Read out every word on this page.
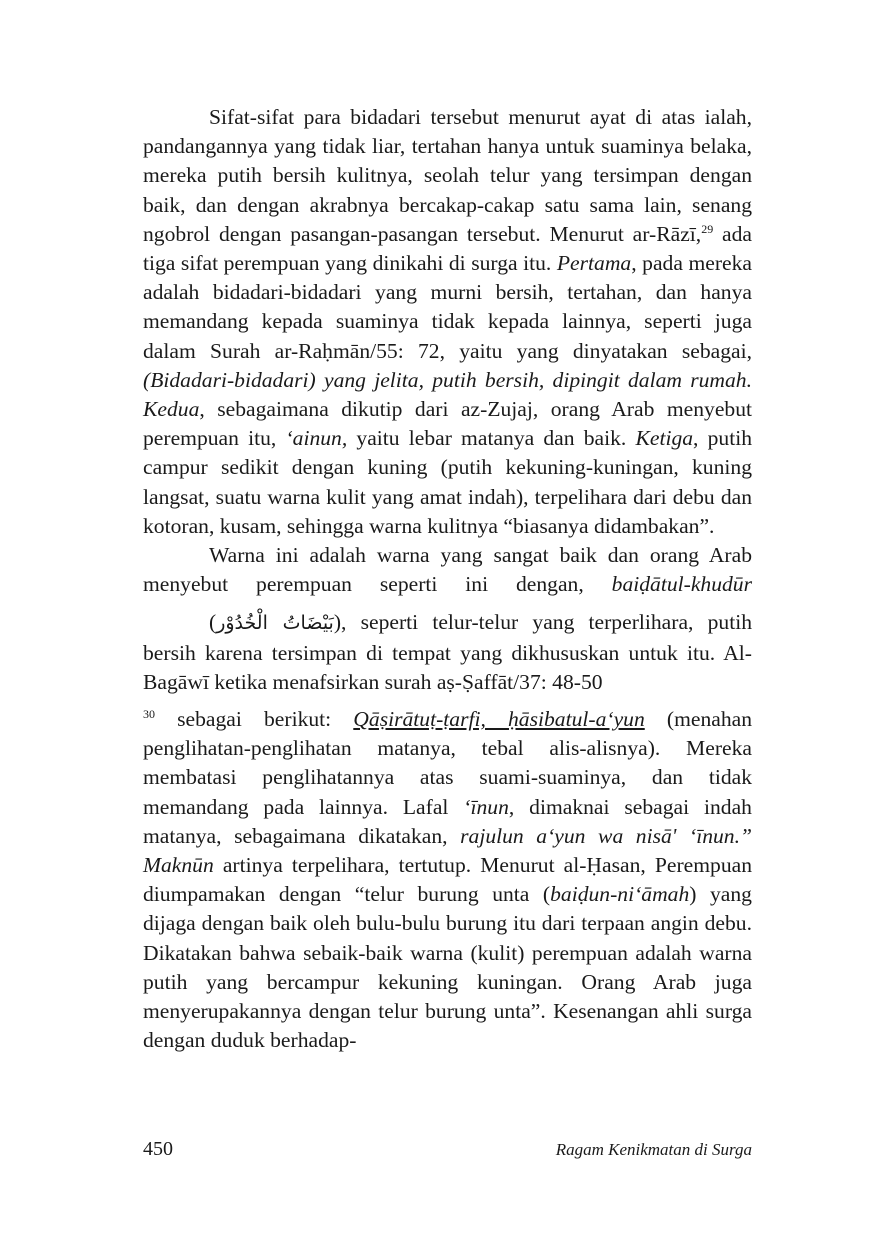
Sifat-sifat para bidadari tersebut menurut ayat di atas ialah, pandangannya yang tidak liar, tertahan hanya untuk suaminya belaka, mereka putih bersih kulitnya, seolah telur yang tersimpan dengan baik, dan dengan akrabnya bercakap-cakap satu sama lain, senang ngobrol dengan pasangan-pasangan tersebut. Menurut ar-Rāzī,$^{29}$ ada tiga sifat perempuan yang dinikahi di surga itu. Pertama, pada mereka adalah bidadari-bidadari yang murni bersih, tertahan, dan hanya memandang kepada suaminya tidak kepada lainnya, seperti juga dalam Surah ar-Raḥmān/55: 72, yaitu yang dinyatakan sebagai, (Bidadari-bidadari) yang jelita, putih bersih, dipingit dalam rumah. Kedua, sebagaimana dikutip dari az-Zujaj, orang Arab menyebut perempuan itu, ‘ainun, yaitu lebar matanya dan baik. Ketiga, putih campur sedikit dengan kuning (putih kekuning-kuningan, kuning langsat, suatu warna kulit yang amat indah), terpelihara dari debu dan kotoran, kusam, sehingga warna kulitnya “biasanya didambakan”.

Warna ini adalah warna yang sangat baik dan orang Arab menyebut perempuan seperti ini dengan, baiḍātul-khudūr(بَيْضَاتُ الْخُدُوْر), seperti telur-telur yang terperlihara, putih bersih karena tersimpan di tempat yang dikhususkan untuk itu. Al-Bagāwī ketika menafsirkan surah aṣ-Ṣaffāt/37: $48-50^{30}$ sebagai berikut: Qāṣirātuṭ-ṭarfi, ḥāsibatul-a‘yun (menahan penglihatan-penglihatan matanya, tebal alis-alisnya). Mereka membatasi penglihatannya atas suami-suaminya, dan tidak memandang pada lainnya. Lafal ‘īnun, dimaknai sebagai indah matanya, sebagaimana dikatakan, rajulun a‘yun wa nisā' ‘īnun.” Maknūn artinya terpelihara, tertutup. Menurut al-Ḥasan, Perempuan diumpamakan dengan “telur burung unta (baiḍun-ni‘āmah) yang dijaga dengan baik oleh bulu-bulu burung itu dari terpaan angin debu. Dikatakan bahwa sebaik-baik warna (kulit) perempuan adalah warna putih yang bercampur kekuning kuningan. Orang Arab juga menyerupakannya dengan telur burung unta”. Kesenangan ahli surga dengan duduk berhadap-

450	Ragam Kenikmatan di Surga
